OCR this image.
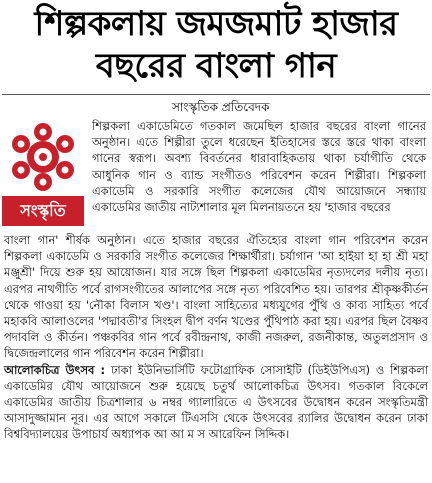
শিল্পকলায় জমজমাট হাজার
বছরের বাংলা গান
সাংস্কৃতিক প্রতিবেদক
সংস্কৃতি

শিল্পকলা একাডেমিতে গতকাল জমেছিল হাজার বছরের বাংলা গানের অনুষ্ঠান। এতে শিল্পীরা তুলে ধরেছেন ইতিহাসের স্তরে স্তরে থাকা বাংলা গানের স্বরূপ। অবশ্য বিবর্তনের ধারাবাহিকতায় থাকা চর্যাগীতি থেকে আধুনিক গান ও ব্যান্ড সংগীতও পরিবেশন করেন শিল্পীরা। শিল্পকলা একাডেমি ও সরকারি সংগীত কলেজের যৌথ আয়োজনে সন্ধ্যায় একাডেমির জাতীয় নাট্যশালার মূল মিলনায়তনে হয় 'হাজার বছরের

বাংলা গান' শীর্ষক অনুষ্ঠান। এতে হাজার বছরের ঐতিহ্যের বাংলা গান পরিবেশন করেন শিল্পকলা একাডেমি ও সরকারি সংগীত কলেজের শিক্ষার্থীরা। চর্যাগান 'আ হাইয়া হা হা শ্রী মহা মঞ্জুশ্রী' দিয়ে শুরু হয় আয়োজন। যার সঙ্গে ছিল শিল্পকলা একাডেমির নৃত্যদলের দলীয় নৃত্য। এরপর নাথগীতি পর্বে রাগসংগীতের আলাপের সঙ্গে নৃত্য পরিবেশিত হয়। তারপর শ্রীকৃষ্ণকীর্তন থেকে গাওয়া হয় 'নৌকা বিলাস খণ্ড'। বাংলা সাহিত্যের মধ্যযুগের পুঁথি ও কাব্য সাহিত্য পর্বে মহাকবি আলাওলের 'পদ্মাবতী'র সিংহল দ্বীপ বর্ণন খণ্ডের পুঁথিপাঠ করা হয়। এরপর ছিল বৈষ্ণব পদাবলি ও কীর্তন। পঞ্চকবির গান পর্বে রবীন্দ্রনাথ, কাজী নজরুল, রজনীকান্ত, অতুলপ্রসাদ ও দ্বিজেন্দ্রলালের গান পরিবেশন করেন শিল্পীরা।

আলোকচিত্র উৎসব : ঢাকা ইউনিভার্সিটি ফটোগ্রাফিক সোসাইটি (ডিইউপিএস) ও শিল্পকলা একাডেমির যৌথ আয়োজনে শুরু হয়েছে চতুর্থ আলোকচিত্র উৎসব। গতকাল বিকেলে একাডেমির জাতীয় চিত্রশালার ৬ নম্বর গ্যালারিতে এ উৎসবের উদ্বোধন করেন সংস্কৃতিমন্ত্রী আসাদুজ্জামান নূর। এর আগে সকালে টিএসসি থেকে উৎসবের র‍্যালির উদ্বোধন করেন ঢাকা বিশ্ববিদ্যালয়ের উপাচার্য অধ্যাপক আ আ ম স আরেফিন সিদ্দিক।
